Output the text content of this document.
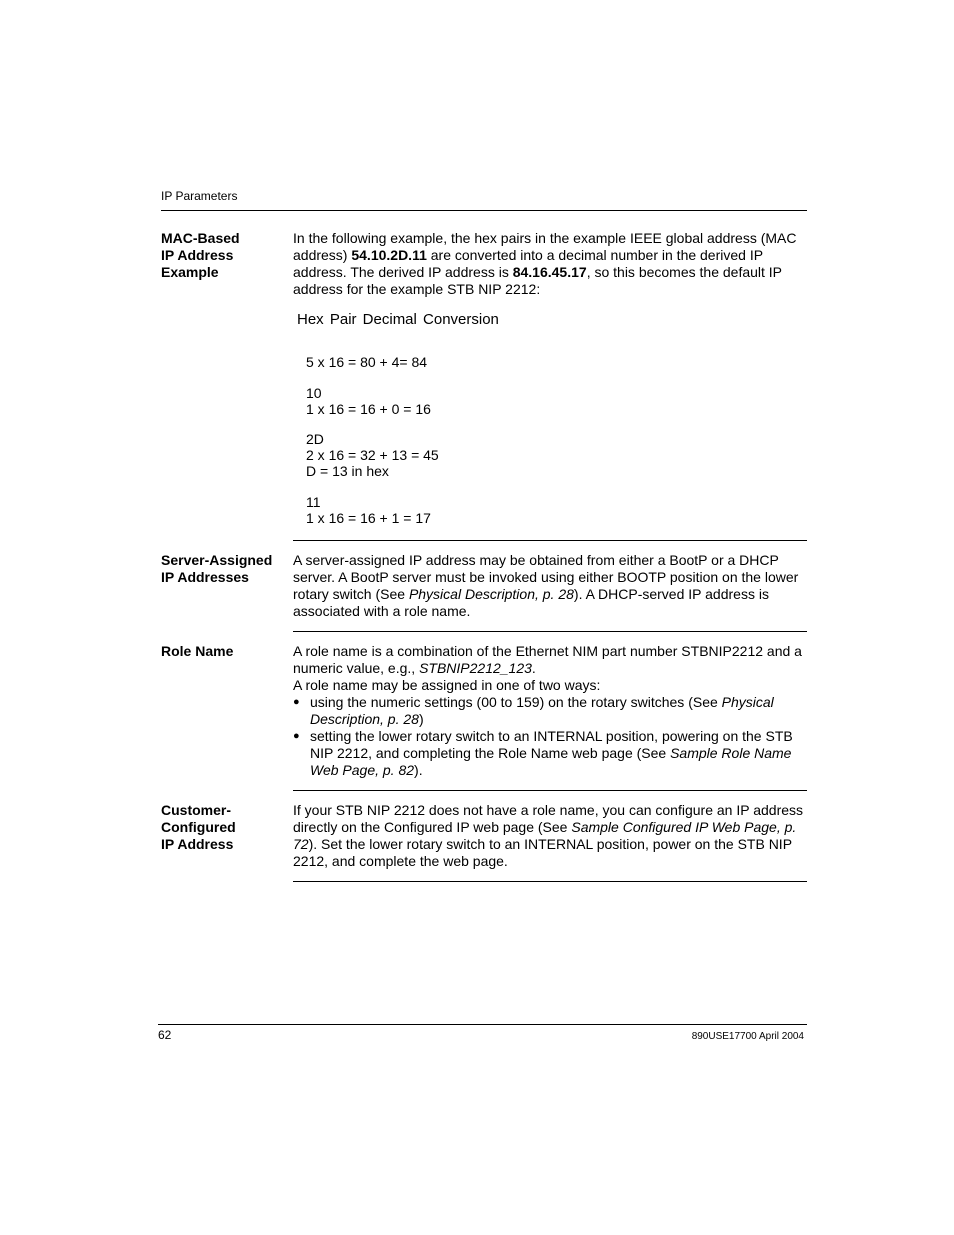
IP Parameters
MAC-Based
IP Address
Example

In the following example, the hex pairs in the example IEEE global address (MAC address) 54.10.2D.11 are converted into a decimal number in the derived IP address. The derived IP address is 84.16.45.17, so this becomes the default IP address for the example STB NIP 2212:

Hex Pair Decimal Conversion
5 x 16 = 80 + 4= 84
10
1 x 16 = 16 + 0 = 16
2D
2 x 16 = 32 + 13 = 45
D = 13 in hex
11
1 x 16 = 16 + 1 = 17
Server-Assigned
IP Addresses

A server-assigned IP address may be obtained from either a BootP or a DHCP server. A BootP server must be invoked using either BOOTP position on the lower rotary switch (See Physical Description, p. 28). A DHCP-served IP address is associated with a role name.

Role Name	A role name is a combination of the Ethernet NIM part number STBNIP2212 and a numeric value, e.g., STBNIP2212_123.

A role name may be assigned in one of two ways:

● using the numeric settings (00 to 159) on the rotary switches (See Physical Description, p. 28)
● setting the lower rotary switch to an INTERNAL position, powering on the STB NIP 2212, and completing the Role Name web page (See Sample Role Name Web Page, p. 82).
Customer-
Configured
IP Address

If your STB NIP 2212 does not have a role name, you can configure an IP address directly on the Configured IP web page (See Sample Configured IP Web Page, p. 72). Set the lower rotary switch to an INTERNAL position, power on the STB NIP 2212, and complete the web page.

62	890USE17700 April 2004
